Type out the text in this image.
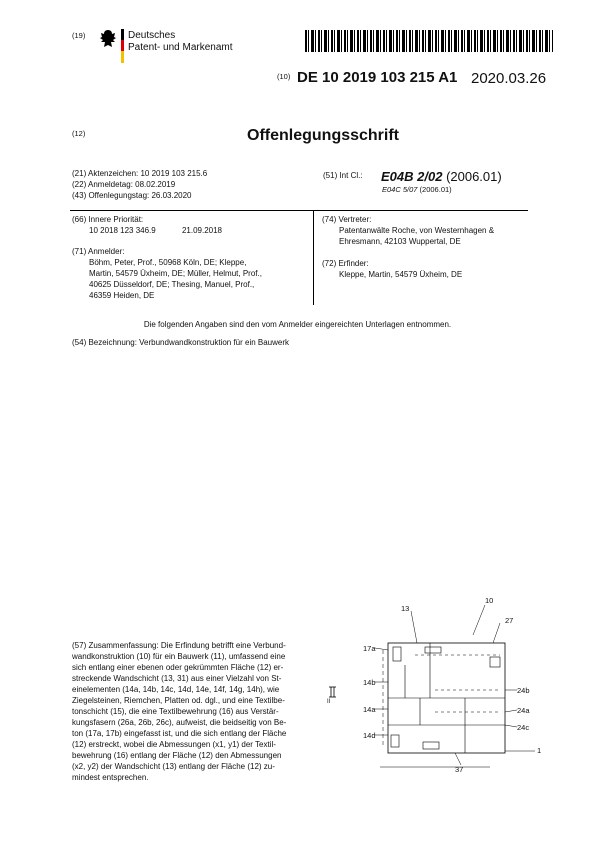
(19)	Deutsches
Patent- und Markenamt
(10) DE 10 2019 103 215 A1 2020.03.26
(12)	Offenlegungsschrift
(21) Aktenzeichen: 10 2019 103 215.6
(22) Anmeldetag: 08.02.2019
(43) Offenlegungstag: 26.03.2020
(51) Int Cl.: E04B 2/02 (2006.01)
E04C 5/07 (2006.01)
(66) Innere Priorität:
10 2018 123 346.9	21.09.2018
(71) Anmelder:
Böhm, Peter, Prof., 50968 Köln, DE; Kleppe,
Martin, 54579 Üxheim, DE; Müller, Helmut, Prof.,
40625 Düsseldorf, DE; Thesing, Manuel, Prof.,
46359 Heiden, DE
(74) Vertreter:
Patentanwälte Roche, von Westernhagen &
Ehresmann, 42103 Wuppertal, DE
(72) Erfinder:
Kleppe, Martin, 54579 Üxheim, DE
Die folgenden Angaben sind den vom Anmelder eingereichten Unterlagen entnommen.
(54) Bezeichnung: Verbundwandkonstruktion für ein Bauwerk
(57) Zusammenfassung: Die Erfindung betrifft eine Verbund-
wandkonstruktion (10) für ein Bauwerk (11), umfassend eine
sich entlang einer ebenen oder gekrümmten Fläche (12) er-
streckende Wandschicht (13, 31) aus einer Vielzahl von St-
einelementen (14a, 14b, 14c, 14d, 14e, 14f, 14g, 14h), wie
Ziegelsteinen, Riemchen, Platten od. dgl., und eine Textilbe-
tonschicht (15), die eine Textilbewehrung (16) aus Verstär-
kungsfasern (26a, 26b, 26c), aufweist, die beidseitig von Be-
ton (17a, 17b) eingefasst ist, und die sich entlang der Fläche
(12) erstreckt, wobei die Abmessungen (x1, y1) der Textil-
bewehrung (16) entlang der Fläche (12) den Abmessungen
(x2, y2) der Wandschicht (13) entlang der Fläche (12) zu-
mindest entsprechen.
13
10
27
17a
14b
14a
14d
24b
24a
24c
1
II
37
